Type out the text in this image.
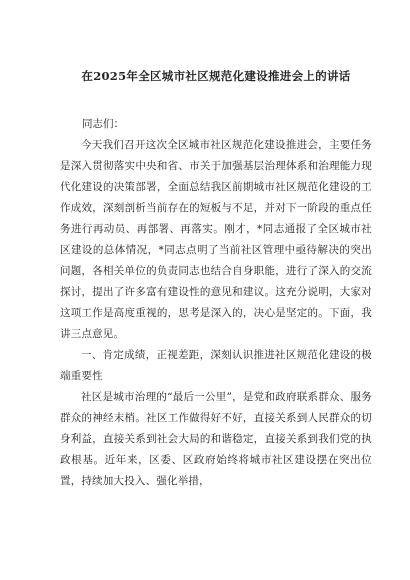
在2025年全区城市社区规范化建设推进会上的讲话
同志们：

今天我们召开这次全区城市社区规范化建设推进会，主要任务是深入贯彻落实中央和省、市关于加强基层治理体系和治理能力现代化建设的决策部署，全面总结我区前期城市社区规范化建设的工作成效，深刻剖析当前存在的短板与不足，并对下一阶段的重点任务进行再动员、再部署、再落实。刚才，*同志通报了全区城市社区建设的总体情况，*同志点明了当前社区管理中亟待解决的突出问题，各相关单位的负责同志也结合自身职能，进行了深入的交流探讨，提出了许多富有建设性的意见和建议。这充分说明，大家对这项工作是高度重视的，思考是深入的，决心是坚定的。下面，我讲三点意见。

一、肯定成绩，正视差距，深刻认识推进社区规范化建设的极端重要性

社区是城市治理的“最后一公里”，是党和政府联系群众、服务群众的神经末梢。社区工作做得好不好，直接关系到人民群众的切身利益，直接关系到社会大局的和谐稳定，直接关系到我们党的执政根基。近年来，区委、区政府始终将城市社区建设摆在突出位置，持续加大投入、强化举措，
